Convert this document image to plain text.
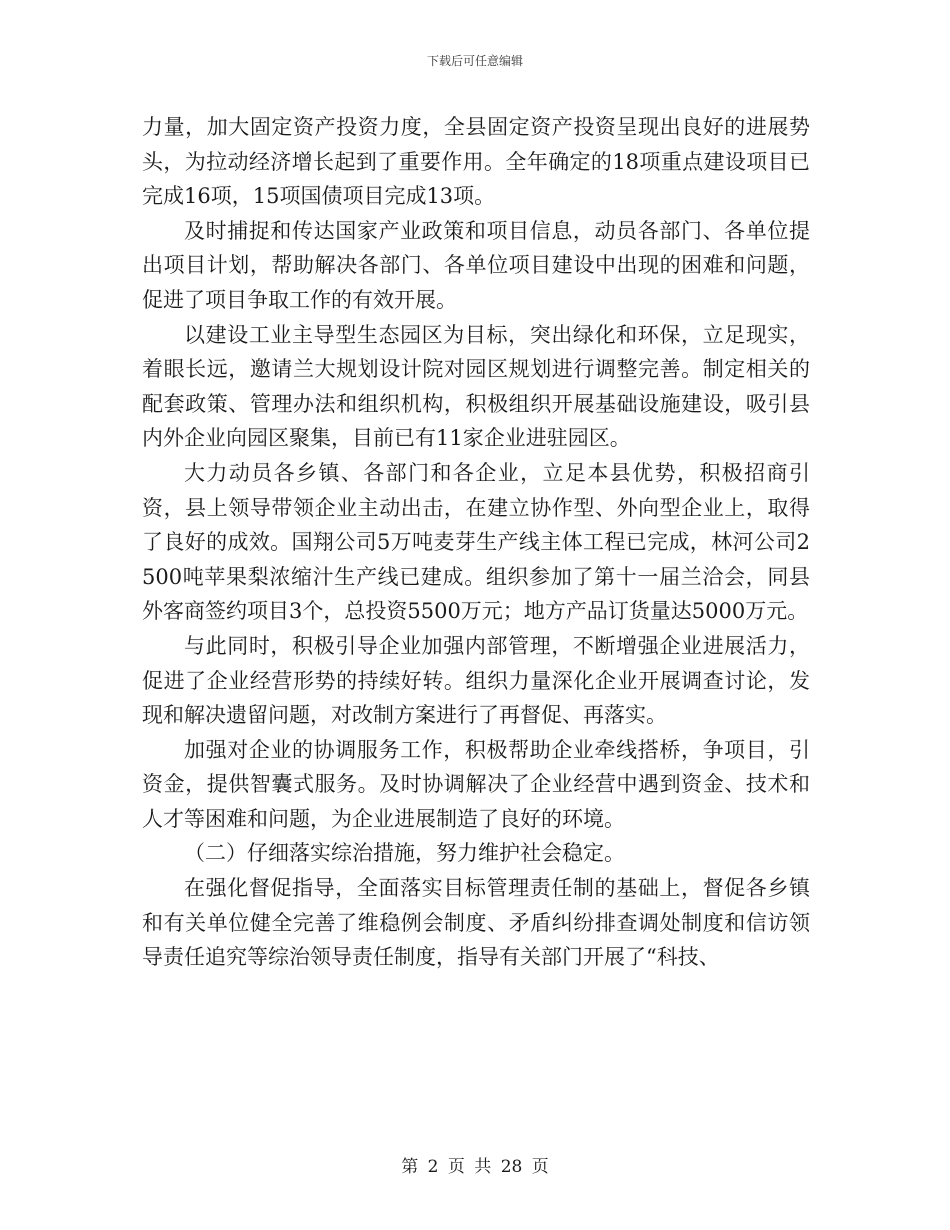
下载后可任意编辑

力量，加大固定资产投资力度，全县固定资产投资呈现出良好的进展势头，为拉动经济增长起到了重要作用。全年确定的18项重点建设项目已完成16项，15项国债项目完成13项。

及时捕捉和传达国家产业政策和项目信息，动员各部门、各单位提出项目计划，帮助解决各部门、各单位项目建设中出现的困难和问题，促进了项目争取工作的有效开展。

以建设工业主导型生态园区为目标，突出绿化和环保，立足现实，着眼长远，邀请兰大规划设计院对园区规划进行调整完善。制定相关的配套政策、管理办法和组织机构，积极组织开展基础设施建设，吸引县内外企业向园区聚集，目前已有11家企业进驻园区。

大力动员各乡镇、各部门和各企业，立足本县优势，积极招商引资，县上领导带领企业主动出击，在建立协作型、外向型企业上，取得了良好的成效。国翔公司5万吨麦芽生产线主体工程已完成，林河公司2500吨苹果梨浓缩汁生产线已建成。组织参加了第十一届兰洽会，同县外客商签约项目3个，总投资5500万元；地方产品订货量达5000万元。

与此同时，积极引导企业加强内部管理，不断增强企业进展活力，促进了企业经营形势的持续好转。组织力量深化企业开展调查讨论，发现和解决遗留问题，对改制方案进行了再督促、再落实。

加强对企业的协调服务工作，积极帮助企业牵线搭桥，争项目，引资金，提供智囊式服务。及时协调解决了企业经营中遇到资金、技术和人才等困难和问题，为企业进展制造了良好的环境。

（二）仔细落实综治措施，努力维护社会稳定。

在强化督促指导，全面落实目标管理责任制的基础上，督促各乡镇和有关单位健全完善了维稳例会制度、矛盾纠纷排查调处制度和信访领导责任追究等综治领导责任制度，指导有关部门开展了“科技、

第 2 页 共 28 页
